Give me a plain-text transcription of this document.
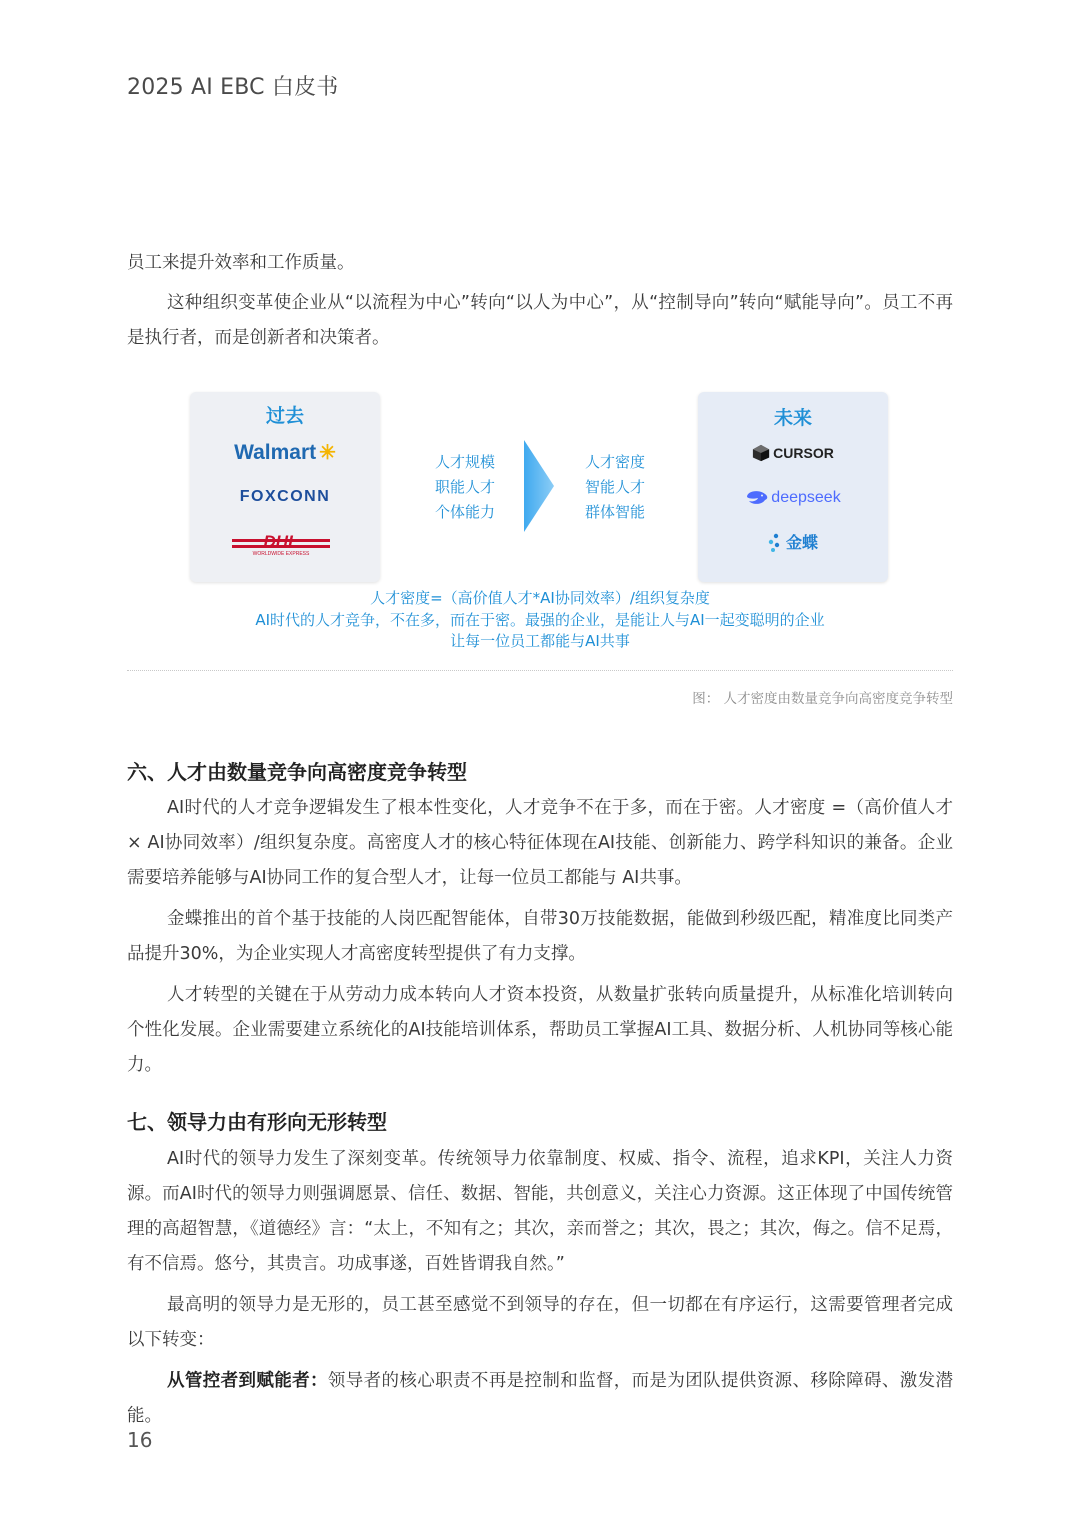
2025 AI EBC 白皮书

员工来提升效率和工作质量。

这种组织变革使企业从“以流程为中心”转向“以人为中心”，从“控制导向”转向“赋能导向”。员工不再是执行者，而是创新者和决策者。

过去
Walmart ✳
FOXCONN
DHL
WORLDWIDE EXPRESS
人才规模
职能人才
个体能力
人才密度
智能人才
群体智能
未来
CURSOR
deepseek
金蝶

人才密度=（高价值人才*AI协同效率）/组织复杂度

AI时代的人才竞争，不在多，而在于密。最强的企业，是能让人与AI一起变聪明的企业

让每一位员工都能与AI共事

图： 人才密度由数量竞争向高密度竞争转型
六、人才由数量竞争向高密度竞争转型

AI时代的人才竞争逻辑发生了根本性变化，人才竞争不在于多，而在于密。人才密度 =（高价值人才 × AI协同效率）/组织复杂度。高密度人才的核心特征体现在AI技能、创新能力、跨学科知识的兼备。企业需要培养能够与AI协同工作的复合型人才，让每一位员工都能与 AI共事。

金蝶推出的首个基于技能的人岗匹配智能体，自带30万技能数据，能做到秒级匹配，精准度比同类产品提升30%，为企业实现人才高密度转型提供了有力支撑。

人才转型的关键在于从劳动力成本转向人才资本投资，从数量扩张转向质量提升，从标准化培训转向个性化发展。企业需要建立系统化的AI技能培训体系，帮助员工掌握AI工具、数据分析、人机协同等核心能力。

七、领导力由有形向无形转型

AI时代的领导力发生了深刻变革。传统领导力依靠制度、权威、指令、流程，追求KPI，关注人力资源。而AI时代的领导力则强调愿景、信任、数据、智能，共创意义，关注心力资源。这正体现了中国传统管理的高超智慧，《道德经》言：“太上，不知有之；其次，亲而誉之；其次，畏之；其次，侮之。信不足焉，有不信焉。悠兮，其贵言。功成事遂，百姓皆谓我自然。”

最高明的领导力是无形的，员工甚至感觉不到领导的存在，但一切都在有序运行，这需要管理者完成以下转变：

从管控者到赋能者：领导者的核心职责不再是控制和监督，而是为团队提供资源、移除障碍、激发潜能。

16
